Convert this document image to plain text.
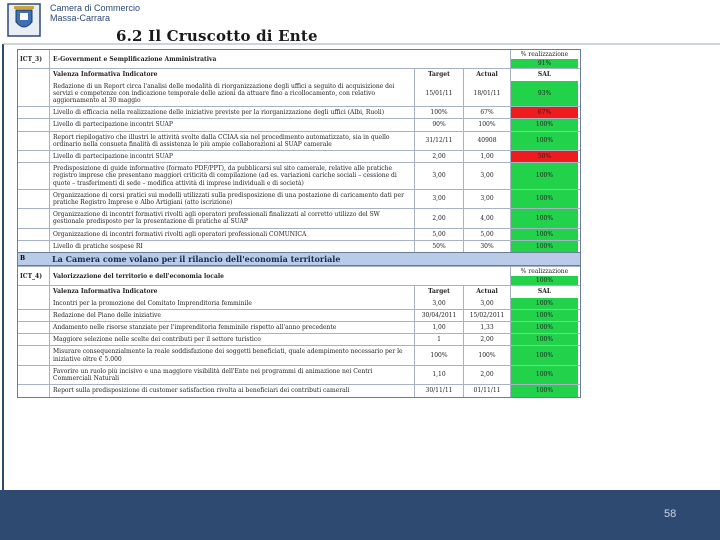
Camera di Commercio
Massa-Carrara
6.2 Il Cruscotto di Ente
ICT_3)	E-Government e Semplificazione Amministrativa
% realizzazione
91%
Valenza Informativa Indicatore	Target	Actual	SAL
Redazione di un Report circa l'analisi delle modalità di riorganizzazione degli uffici a seguito di acquisizione dei servizi e competenze con indicazione temporale delle azioni da attuare fino a ricollocamento, con relativo aggiornamento al 30 maggio
15/01/11	18/01/11	93%
Livello di efficacia nella realizzazione delle iniziative previste per la riorganizzazione degli uffici (Albi, Ruoli)	100%	67%	67%
Livello di partecipazione incontri SUAP	90%	100%	100%
Report riepilogativo che illustri le attività svolte dalla CCIAA sia nel procedimento automatizzato, sia in quello ordinario nella consueta finalità di assistenza le più ampie collaborazioni al SUAP camerale
31/12/11	40908	100%
Livello di partecipazione incontri SUAP	2,00	1,00	50%
Predisposizione di guide informative (formato PDF/PPT), da pubblicarsi sul sito camerale, relative alle pratiche registro imprese che presentano maggiori criticità di compilazione (ad es. variazioni cariche sociali – cessione di quote – trasferimenti di sede – modifica attività di imprese individuali e di società)
3,00	3,00	100%
Organizzazione di corsi pratici sui modelli utilizzati sulla predisposizione di una postazione di caricamento dati per pratiche Registro Imprese e Albo Artigiani (atto iscrizione)
3,00	3,00	100%
Organizzazione di incontri formativi rivolti agli operatori professionali finalizzati al corretto utilizzo del SW gestionale predisposto per la presentazione di pratiche al SUAP
2,00	4,00	100%
Organizzazione di incontri formativi rivolti agli operatori professionali COMUNICA	5,00	5,00	100%
Livello di pratiche sospese RI	50%	30%	100%
B	La Camera come volano per il rilancio dell'economia territoriale
ICT_4)	Valorizzazione del territorio e dell'economia locale
% realizzazione
100%
Valenza Informativa Indicatore	Target	Actual	SAL
Incontri per la promozione del Comitato Imprenditoria femminile	3,00	3,00	100%
Redazione del Piano delle iniziative	30/04/2011	15/02/2011	100%
Andamento nelle risorse stanziate per l'imprenditoria femminile rispetto all'anno precedente	1,00	1,33	100%
Maggiore selezione nelle scelte dei contributi per il settore turistico	1	2,00	100%
Misurare consequenzialmente la reale soddisfazione dei soggetti beneficiati, quale adempimento necessario per le iniziative oltre € 5.000
100%	100%	100%
Favorire un ruolo più incisivo e una maggiore visibilità dell'Ente nei programmi di animazione nei Centri Commerciali Naturali
1,10	2,00	100%
Report sulla predisposizione di customer satisfaction rivolta ai beneficiari dei contributi camerali	30/11/11	01/11/11	100%
58
